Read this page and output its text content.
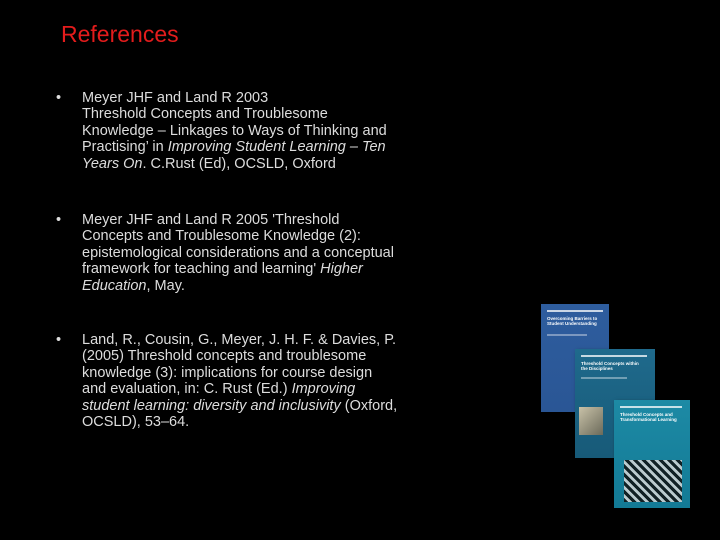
References
• Meyer JHF and Land R 2003
Threshold Concepts and Troublesome
Knowledge – Linkages to Ways of Thinking and
Practising’ in Improving Student Learning – Ten
Years On. C.Rust (Ed), OCSLD, Oxford
• Meyer JHF and Land R 2005 'Threshold
Concepts and Troublesome Knowledge (2):
epistemological considerations and a conceptual
framework for teaching and learning' Higher
Education, May.
• Land, R., Cousin, G., Meyer, J. H. F. & Davies, P.
(2005) Threshold concepts and troublesome
knowledge (3): implications for course design
and evaluation, in: C. Rust (Ed.) Improving
student learning: diversity and inclusivity (Oxford,
OCSLD), 53–64.
Overcoming Barriers to Student Understanding
Threshold Concepts within the Disciplines
Threshold Concepts and Transformational Learning
